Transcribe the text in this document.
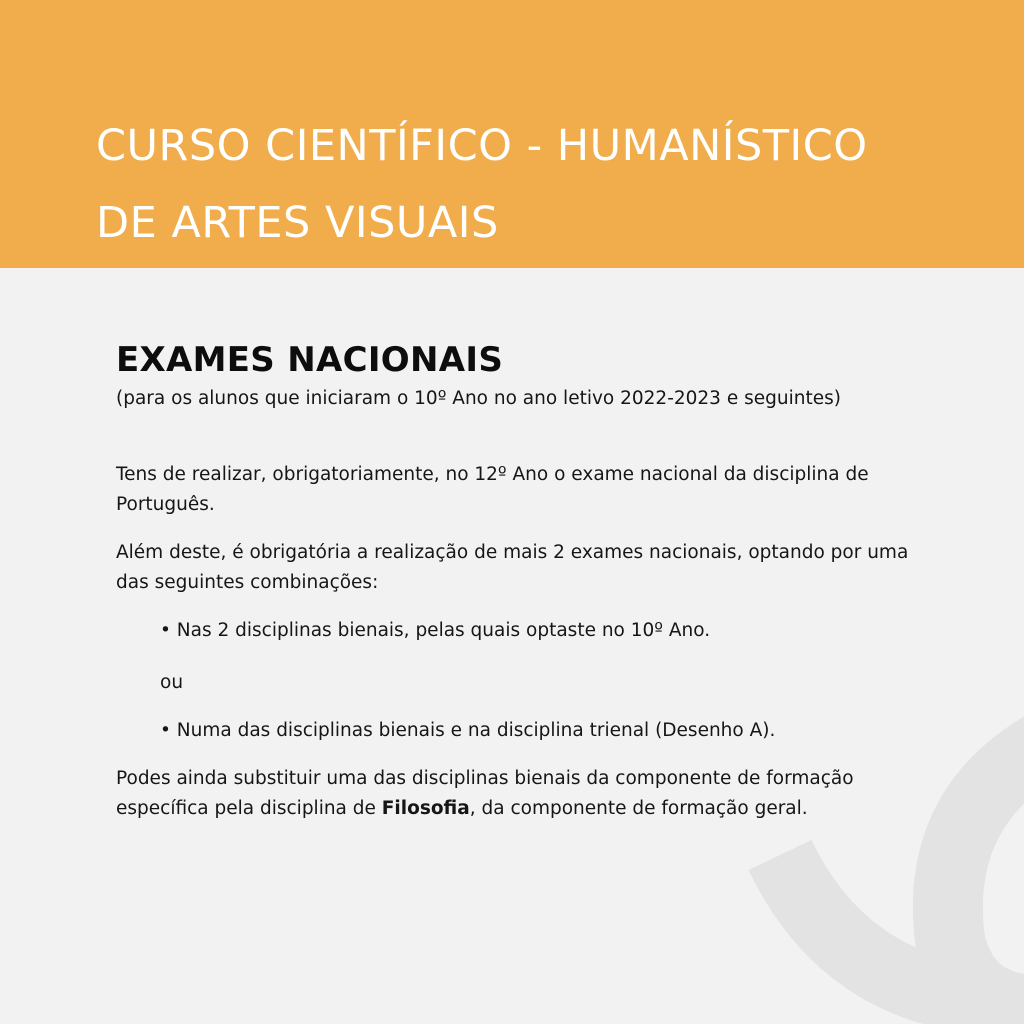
CURSO CIENTÍFICO - HUMANÍSTICO
DE ARTES VISUAIS
EXAMES NACIONAIS

(para os alunos que iniciaram o 10º Ano no ano letivo 2022-2023 e seguintes)

Tens de realizar, obrigatoriamente, no 12º Ano o exame nacional da disciplina de Português.

Além deste, é obrigatória a realização de mais 2 exames nacionais, optando por uma das seguintes combinações:

• Nas 2 disciplinas bienais, pelas quais optaste no 10º Ano.

ou

• Numa das disciplinas bienais e na disciplina trienal (Desenho A).

Podes ainda substituir uma das disciplinas bienais da componente de formação específica pela disciplina de Filosofia, da componente de formação geral.
